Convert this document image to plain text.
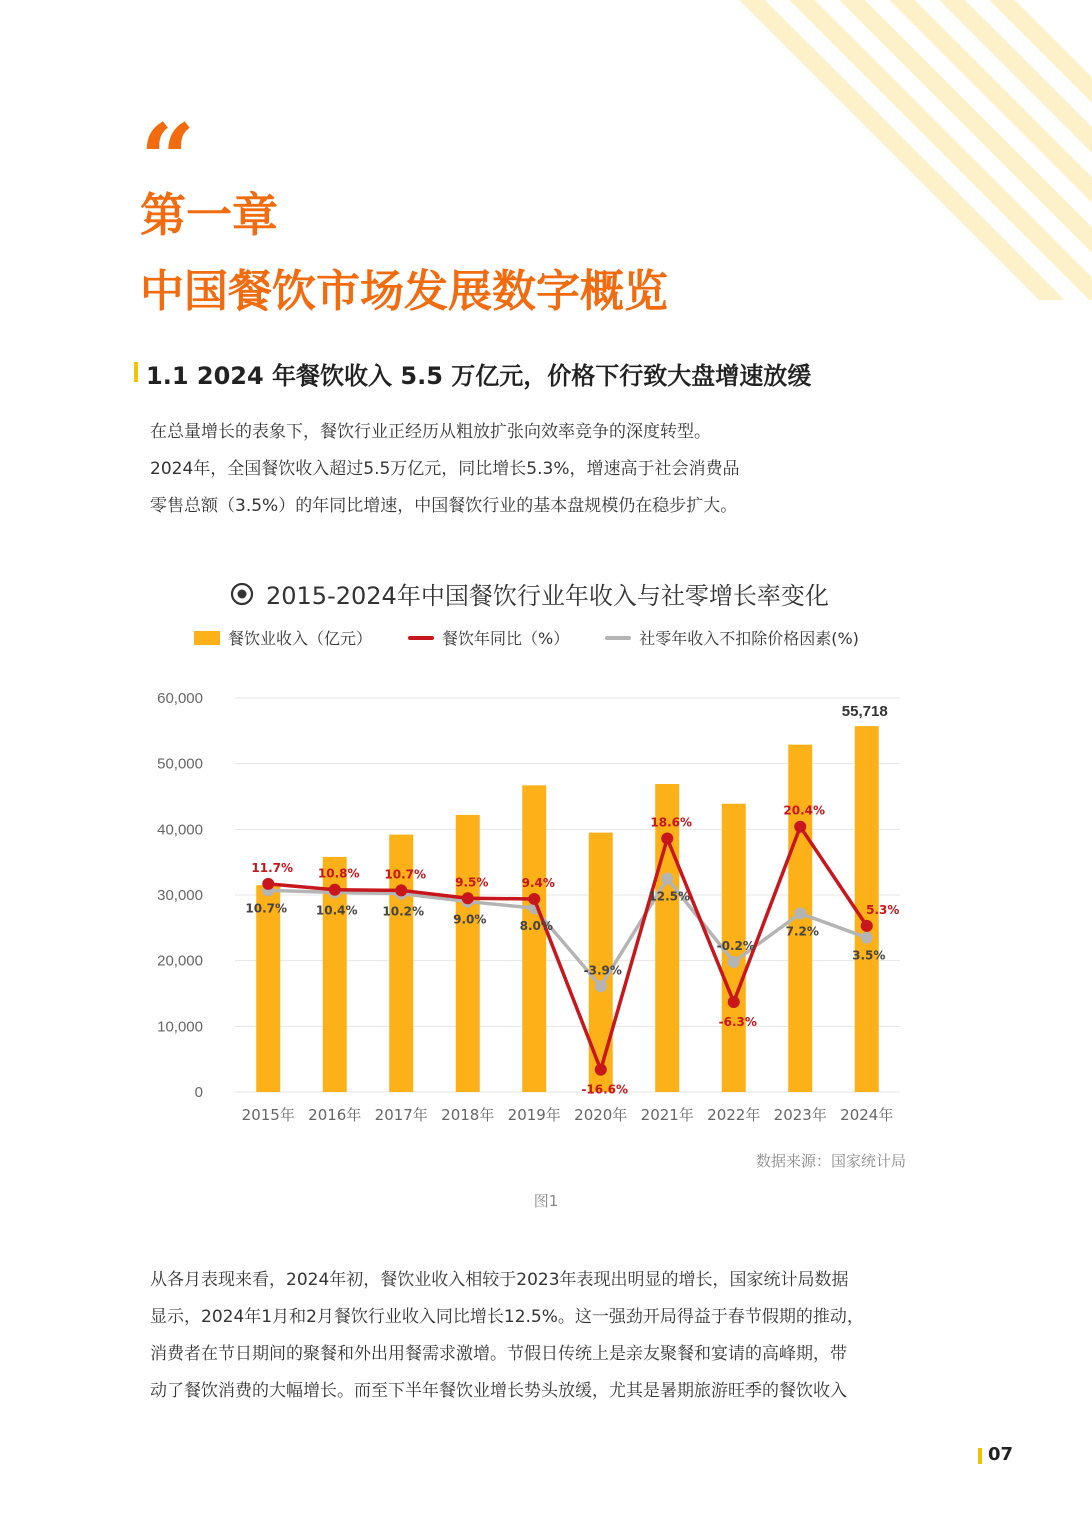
“
第一章
中国餐饮市场发展数字概览
1.1 2024 年餐饮收入 5.5 万亿元，价格下行致大盘增速放缓
在总量增长的表象下，餐饮行业正经历从粗放扩张向效率竞争的深度转型。
2024年，全国餐饮收入超过5.5万亿元，同比增长5.3%，增速高于社会消费品
零售总额（3.5%）的年同比增速，中国餐饮行业的基本盘规模仍在稳步扩大。
2015-2024年中国餐饮行业年收入与社零增长率变化
餐饮业收入（亿元）	餐饮年同比（%）	社零年收入不扣除价格因素(%)
0
10,000
20,000
30,000
40,000
50,000
60,000
55,718
2015年 2016年 2017年 2018年 2019年 2020年 2021年 2022年 2023年 2024年
11.7% 10.8% 10.7%
9.5%	9.4%
-16.6%
18.6%
-6.3%
20.4%
5.3%
10.7% 10.4% 10.2%
9.0%	8.0%
-3.9%
12.5%
-0.2%
7.2%
3.5%
数据来源：国家统计局
图1
从各月表现来看，2024年初，餐饮业收入相较于2023年表现出明显的增长，国家统计局数据
显示，2024年1月和2月餐饮行业收入同比增长12.5%。这一强劲开局得益于春节假期的推动，
消费者在节日期间的聚餐和外出用餐需求激增。节假日传统上是亲友聚餐和宴请的高峰期，带
动了餐饮消费的大幅增长。而至下半年餐饮业增长势头放缓，尤其是暑期旅游旺季的餐饮收入
07
